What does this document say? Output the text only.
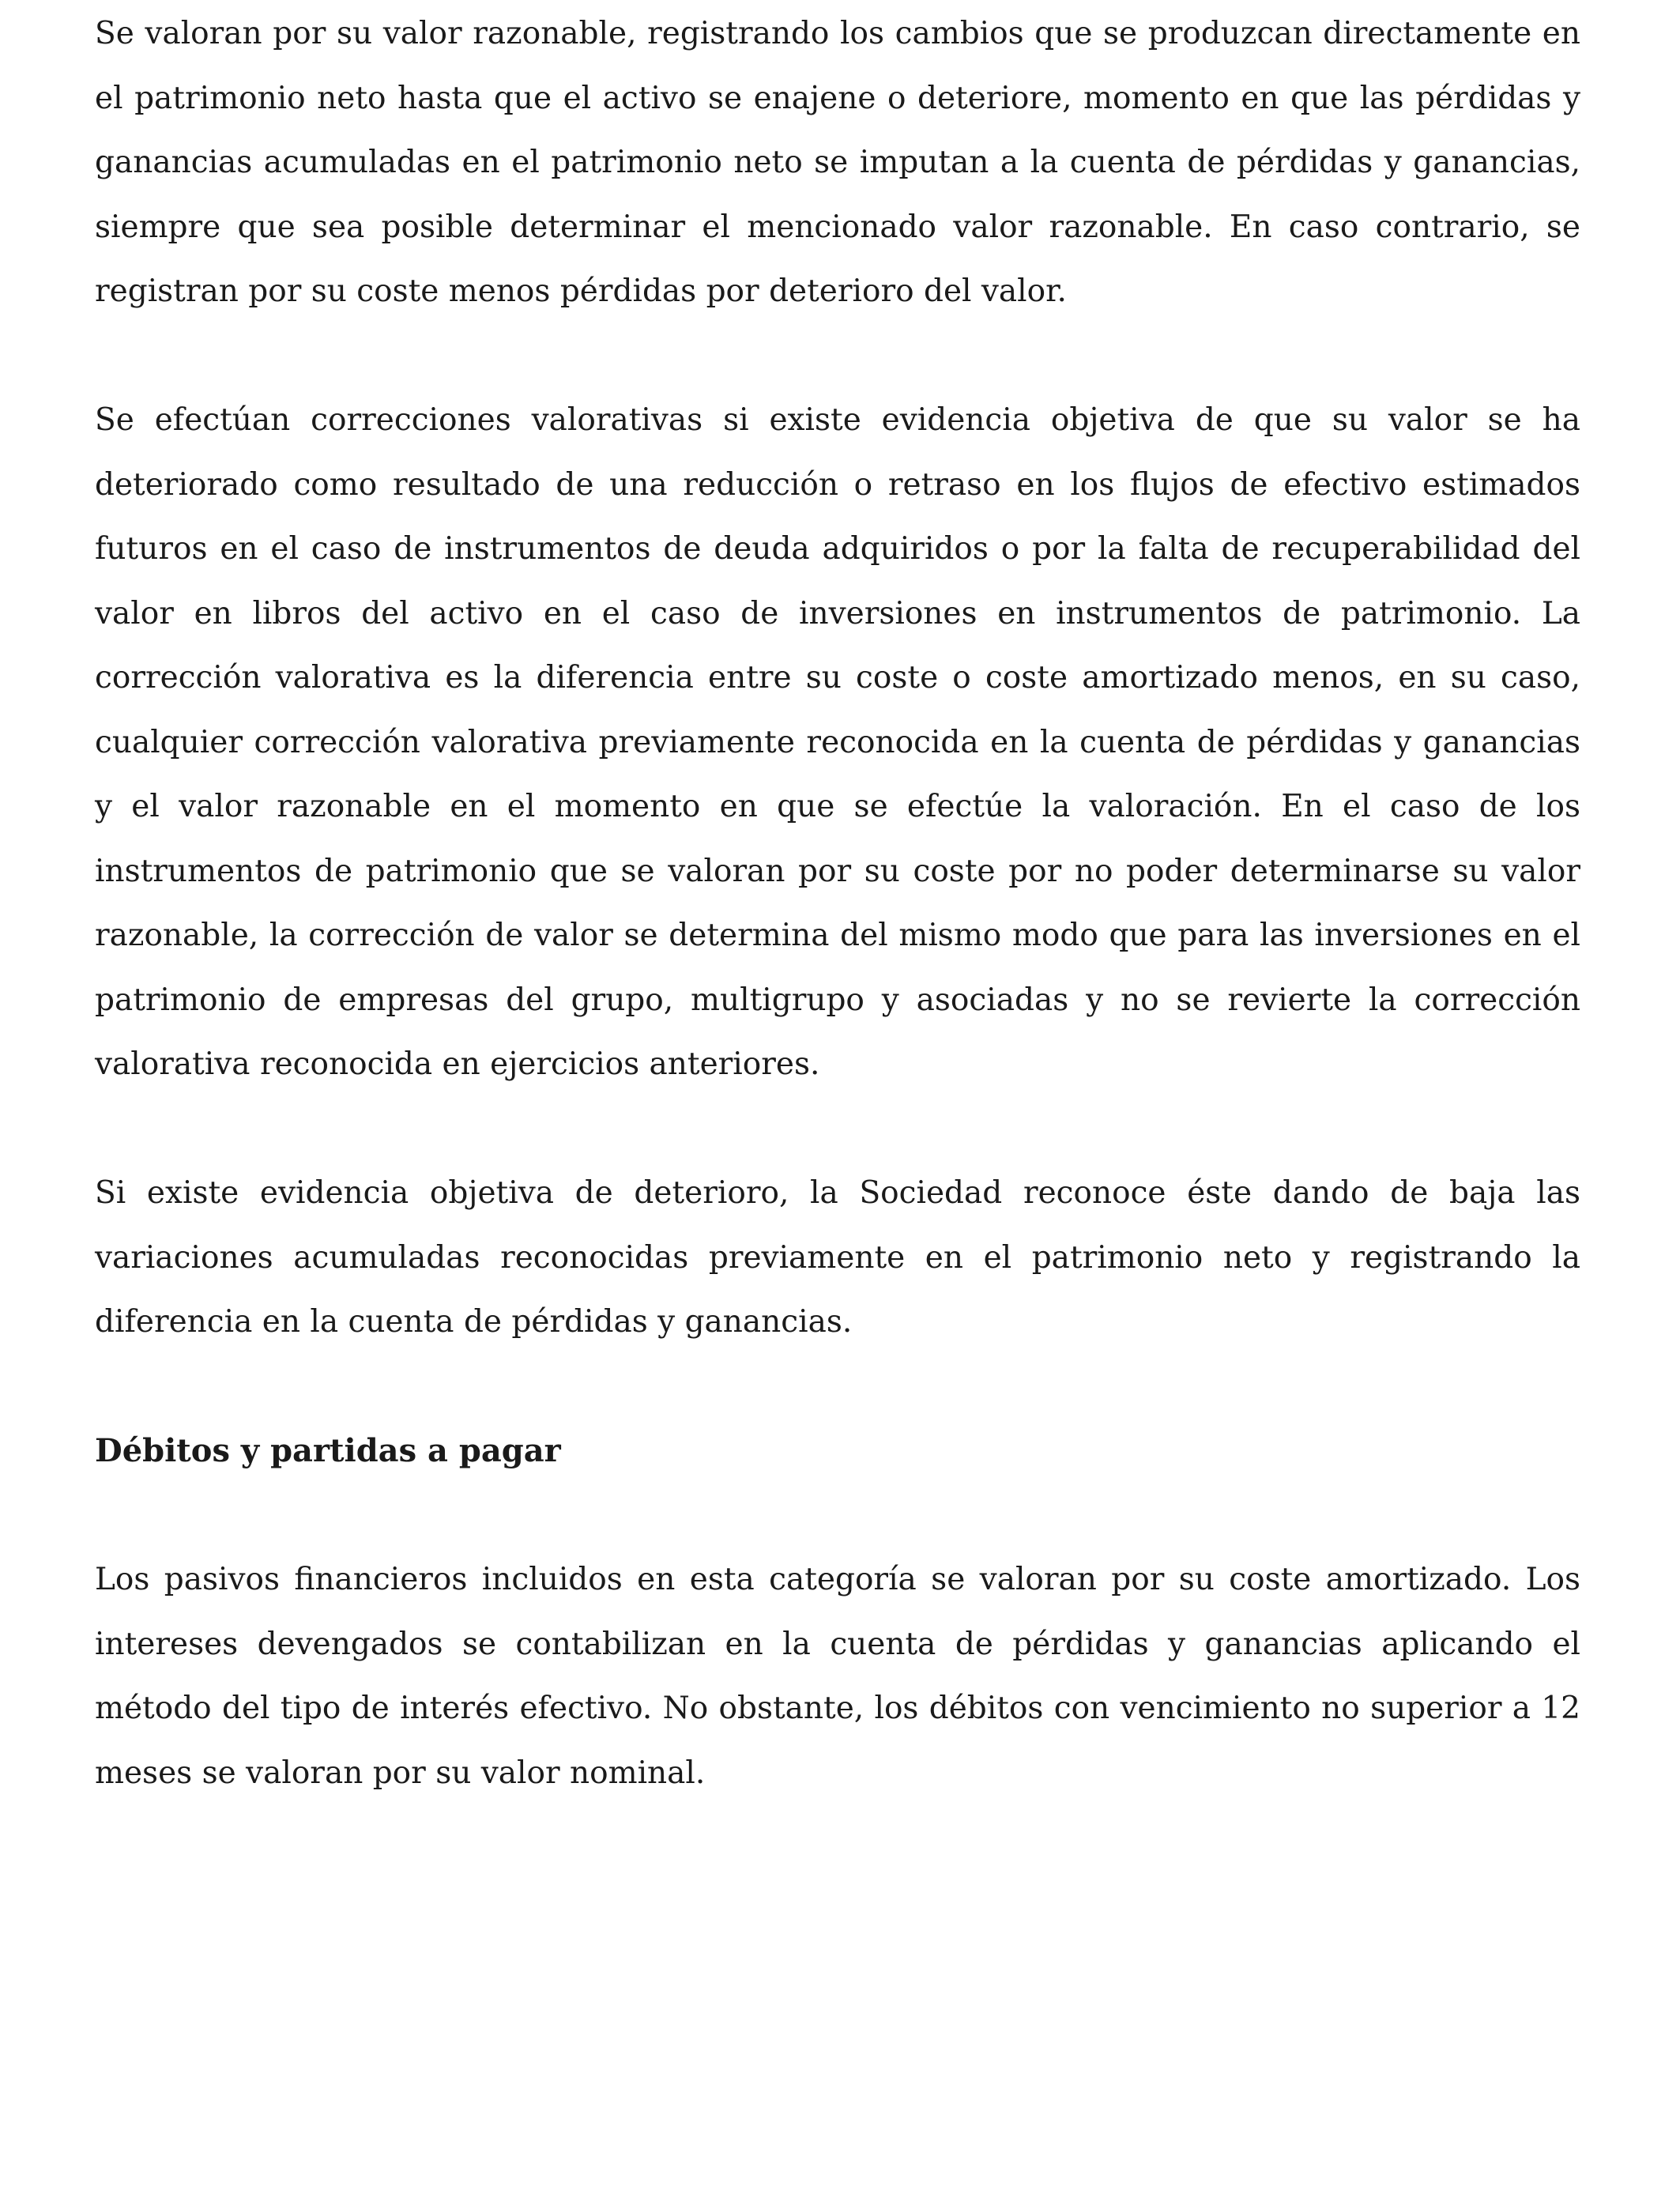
Se valoran por su valor razonable, registrando los cambios que se produzcan directamente en el patrimonio neto hasta que el activo se enajene o deteriore, momento en que las pérdidas y ganancias acumuladas en el patrimonio neto se imputan a la cuenta de pérdidas y ganancias, siempre que sea posible determinar el mencionado valor razonable. En caso contrario, se registran por su coste menos pérdidas por deterioro del valor.

Se efectúan correcciones valorativas si existe evidencia objetiva de que su valor se ha deteriorado como resultado de una reducción o retraso en los flujos de efectivo estimados futuros en el caso de instrumentos de deuda adquiridos o por la falta de recuperabilidad del valor en libros del activo en el caso de inversiones en instrumentos de patrimonio. La corrección valorativa es la diferencia entre su coste o coste amortizado menos, en su caso, cualquier corrección valorativa previamente reconocida en la cuenta de pérdidas y ganancias y el valor razonable en el momento en que se efectúe la valoración. En el caso de los instrumentos de patrimonio que se valoran por su coste por no poder determinarse su valor razonable, la corrección de valor se determina del mismo modo que para las inversiones en el patrimonio de empresas del grupo, multigrupo y asociadas y no se revierte la corrección valorativa reconocida en ejercicios anteriores.

Si existe evidencia objetiva de deterioro, la Sociedad reconoce éste dando de baja las variaciones acumuladas reconocidas previamente en el patrimonio neto y registrando la diferencia en la cuenta de pérdidas y ganancias.

Débitos y partidas a pagar

Los pasivos financieros incluidos en esta categoría se valoran por su coste amortizado. Los intereses devengados se contabilizan en la cuenta de pérdidas y ganancias aplicando el método del tipo de interés efectivo. No obstante, los débitos con vencimiento no superior a 12 meses se valoran por su valor nominal.
